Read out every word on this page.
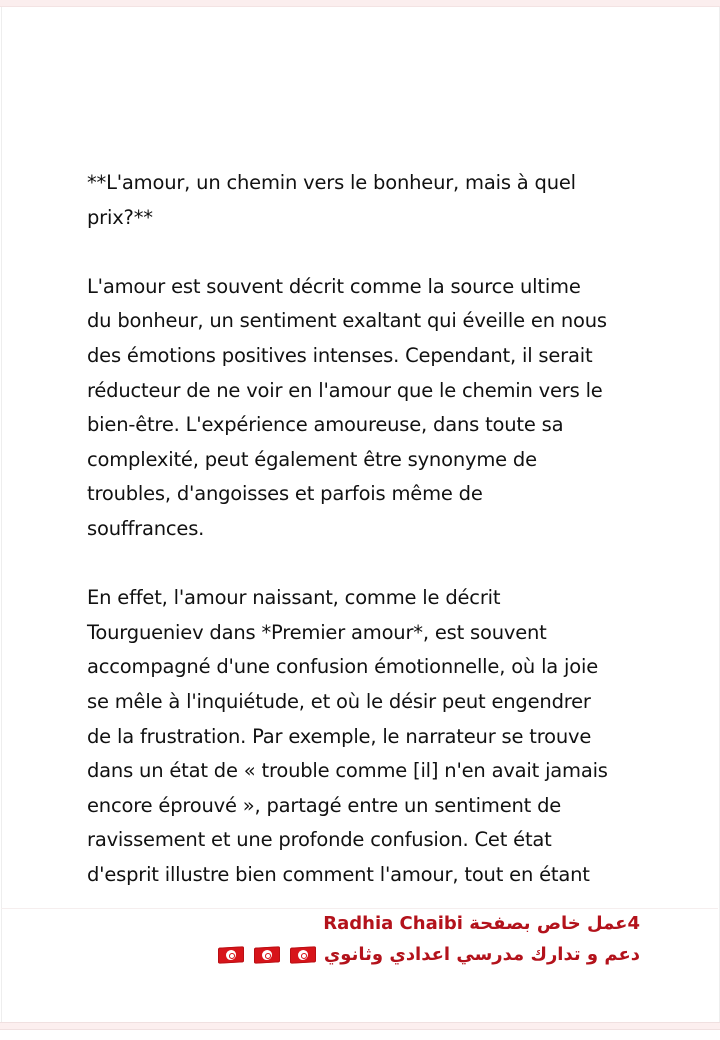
**L'amour, un chemin vers le bonheur, mais à quel
prix?**

L'amour est souvent décrit comme la source ultime
du bonheur, un sentiment exaltant qui éveille en nous
des émotions positives intenses. Cependant, il serait
réducteur de ne voir en l'amour que le chemin vers le
bien-être. L'expérience amoureuse, dans toute sa
complexité, peut également être synonyme de
troubles, d'angoisses et parfois même de
souffrances.

En effet, l'amour naissant, comme le décrit
Tourgueniev dans *Premier amour*, est souvent
accompagné d'une confusion émotionnelle, où la joie
se mêle à l'inquiétude, et où le désir peut engendrer
de la frustration. Par exemple, le narrateur se trouve
dans un état de « trouble comme [il] n'en avait jamais
encore éprouvé », partagé entre un sentiment de
ravissement et une profonde confusion. Cet état
d'esprit illustre bien comment l'amour, tout en étant

4عمل خاص بصفحة Radhia Chaibi
دعم و تدارك مدرسي اعدادي وثانوي
